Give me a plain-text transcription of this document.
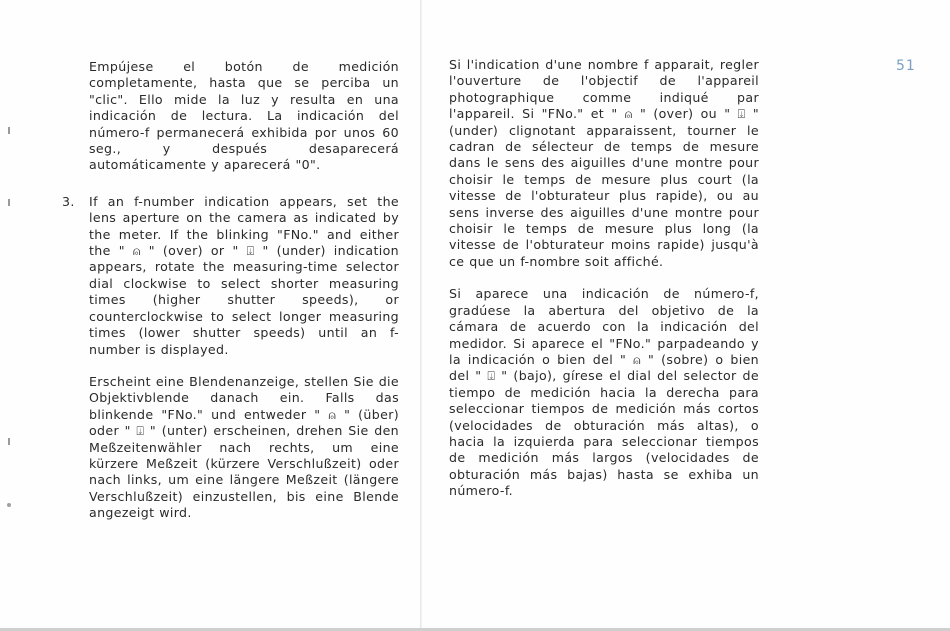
Empújese el botón de medición completamente, hasta que se perciba un "clic". Ello mide la luz y resulta en una indicación de lectura. La indicación del número-f permanecerá exhibida por unos 60 seg., y después desaparecerá automáticamente y aparecerá "0".

3. If an f-number indication appears, set the lens aperture on the camera as indicated by the meter. If the blinking "FNo." and either the " ⍝ " (over) or " ⍗ " (under) indication appears, rotate the measuring-time selector dial clockwise to select shorter measuring times (higher shutter speeds), or counterclockwise to select longer measuring times (lower shutter speeds) until an f-number is displayed.

Erscheint eine Blendenanzeige, stellen Sie die Objektivblende danach ein. Falls das blinkende "FNo." und entweder " ⍝ " (über) oder " ⍗ " (unter) erscheinen, drehen Sie den Meßzeitenwähler nach rechts, um eine kürzere Meßzeit (kürzere Verschlußzeit) oder nach links, um eine längere Meßzeit (längere Verschlußzeit) einzustellen, bis eine Blende angezeigt wird.

Si l'indication d'une nombre f apparait, regler l'ouverture de l'objectif de l'appareil photographique comme indiqué par l'appareil. Si "FNo." et " ⍝ " (over) ou " ⍗ " (under) clignotant apparaissent, tourner le cadran de sélecteur de temps de mesure dans le sens des aiguilles d'une montre pour choisir le temps de mesure plus court (la vitesse de l'obturateur plus rapide), ou au sens inverse des aiguilles d'une montre pour choisir le temps de mesure plus long (la vitesse de l'obturateur moins rapide) jusqu'à ce que un f-nombre soit affiché.

Si aparece una indicación de número-f, gradúese la abertura del objetivo de la cámara de acuerdo con la indicación del medidor. Si aparece el "FNo." parpadeando y la indicación o bien del " ⍝ " (sobre) o bien del " ⍗ " (bajo), gírese el dial del selector de tiempo de medición hacia la derecha para seleccionar tiempos de medición más cortos (velocidades de obturación más altas), o hacia la izquierda para seleccionar tiempos de medición más largos (velocidades de obturación más bajas) hasta se exhiba un número-f.

51
